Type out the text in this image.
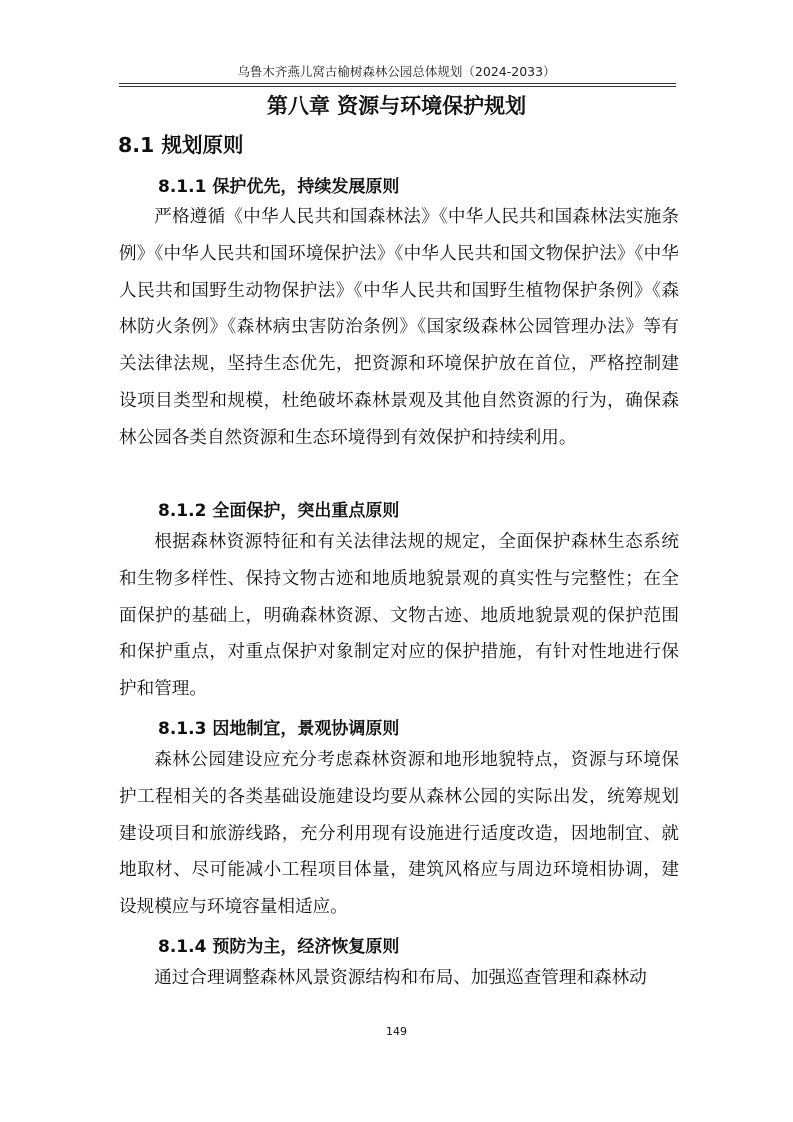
乌鲁木齐燕儿窝古榆树森林公园总体规划（2024-2033）
第八章 资源与环境保护规划
8.1 规划原则
8.1.1 保护优先，持续发展原则

严格遵循《中华人民共和国森林法》《中华人民共和国森林法实施条例》《中华人民共和国环境保护法》《中华人民共和国文物保护法》《中华人民共和国野生动物保护法》《中华人民共和国野生植物保护条例》《森林防火条例》《森林病虫害防治条例》《国家级森林公园管理办法》等有关法律法规，坚持生态优先，把资源和环境保护放在首位，严格控制建设项目类型和规模，杜绝破坏森林景观及其他自然资源的行为，确保森林公园各类自然资源和生态环境得到有效保护和持续利用。

8.1.2 全面保护，突出重点原则

根据森林资源特征和有关法律法规的规定，全面保护森林生态系统和生物多样性、保持文物古迹和地质地貌景观的真实性与完整性；在全面保护的基础上，明确森林资源、文物古迹、地质地貌景观的保护范围和保护重点，对重点保护对象制定对应的保护措施，有针对性地进行保护和管理。

8.1.3 因地制宜，景观协调原则

森林公园建设应充分考虑森林资源和地形地貌特点，资源与环境保护工程相关的各类基础设施建设均要从森林公园的实际出发，统筹规划建设项目和旅游线路，充分利用现有设施进行适度改造，因地制宜、就地取材、尽可能减小工程项目体量，建筑风格应与周边环境相协调，建设规模应与环境容量相适应。

8.1.4 预防为主，经济恢复原则

通过合理调整森林风景资源结构和布局、加强巡查管理和森林动

149
